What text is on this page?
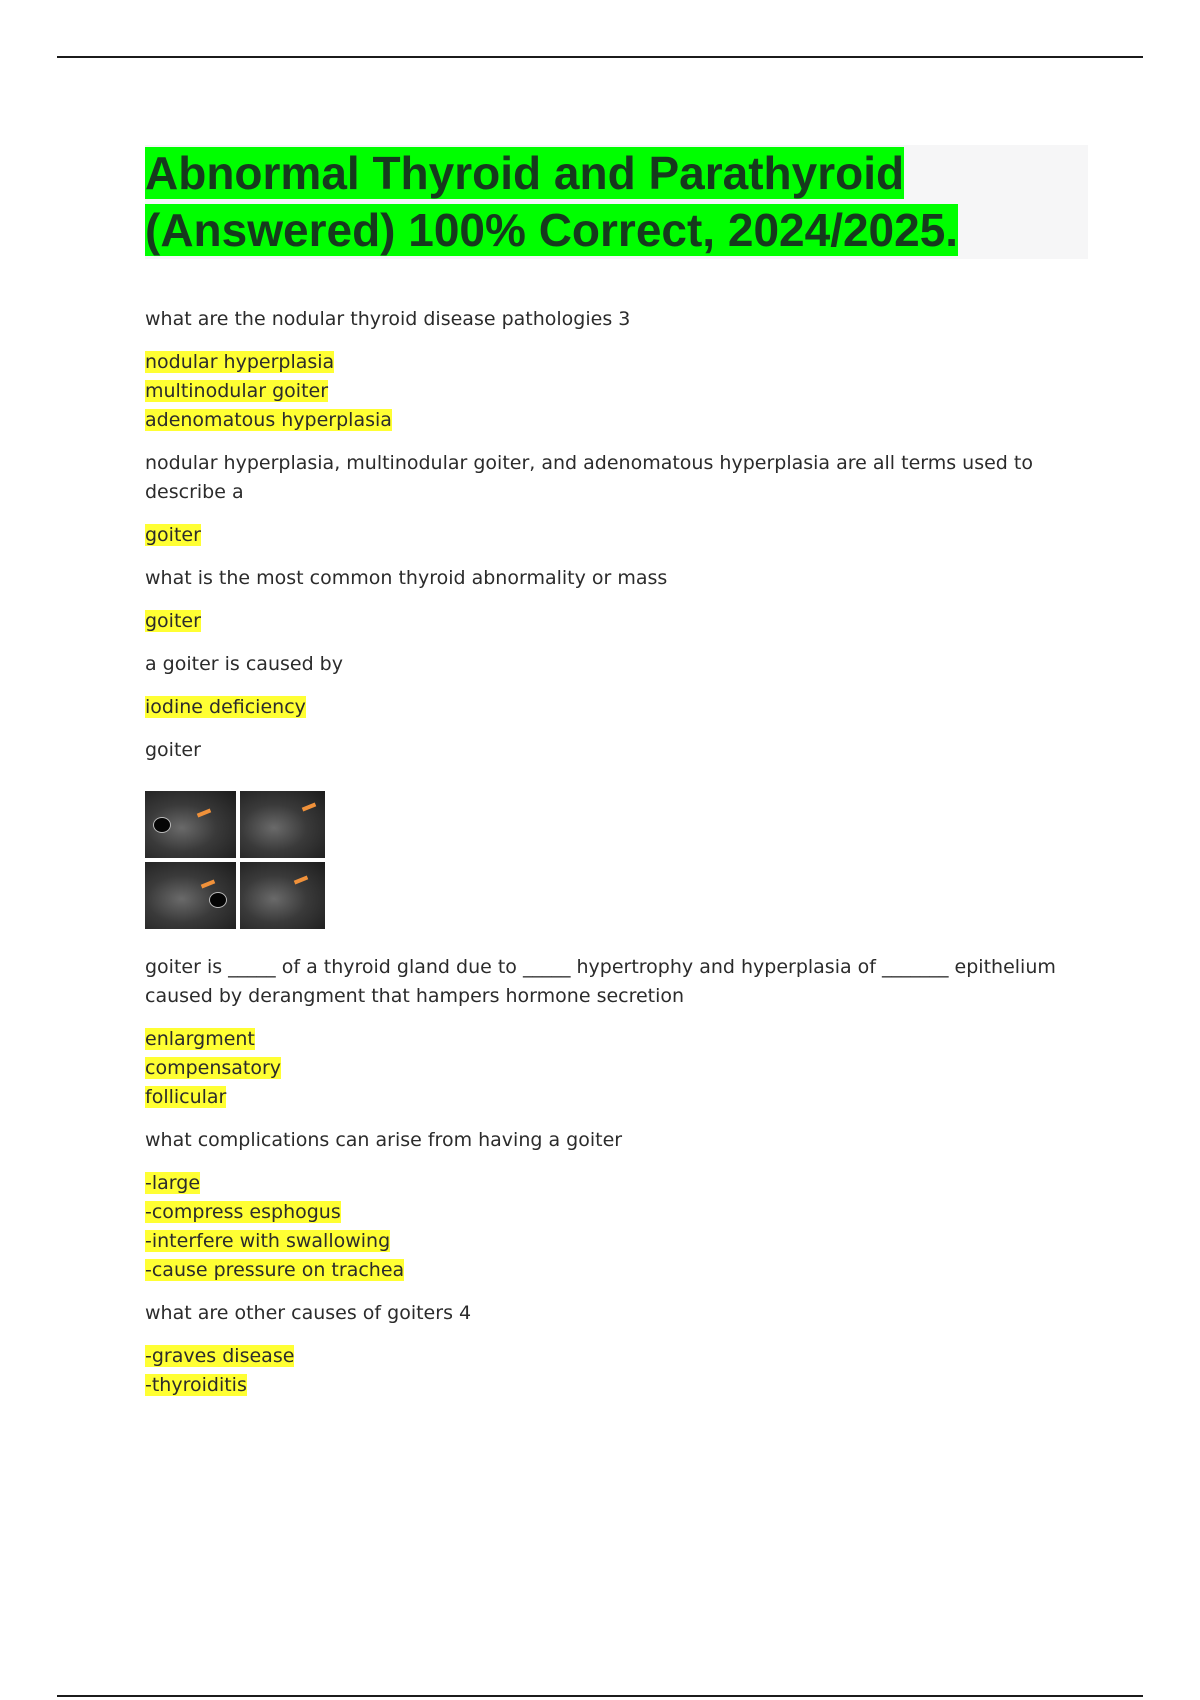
Abnormal Thyroid and Parathyroid
(Answered) 100% Correct, 2024/2025.

what are the nodular thyroid disease pathologies 3

nodular hyperplasia
multinodular goiter
adenomatous hyperplasia

nodular hyperplasia, multinodular goiter, and adenomatous hyperplasia are all terms used to describe a

goiter

what is the most common thyroid abnormality or mass

goiter

a goiter is caused by

iodine deficiency

goiter

goiter is _____ of a thyroid gland due to _____ hypertrophy and hyperplasia of _______ epithelium caused by derangment that hampers hormone secretion

enlargment
compensatory
follicular

what complications can arise from having a goiter

-large
-compress esphogus
-interfere with swallowing
-cause pressure on trachea

what are other causes of goiters 4

-graves disease
-thyroiditis
